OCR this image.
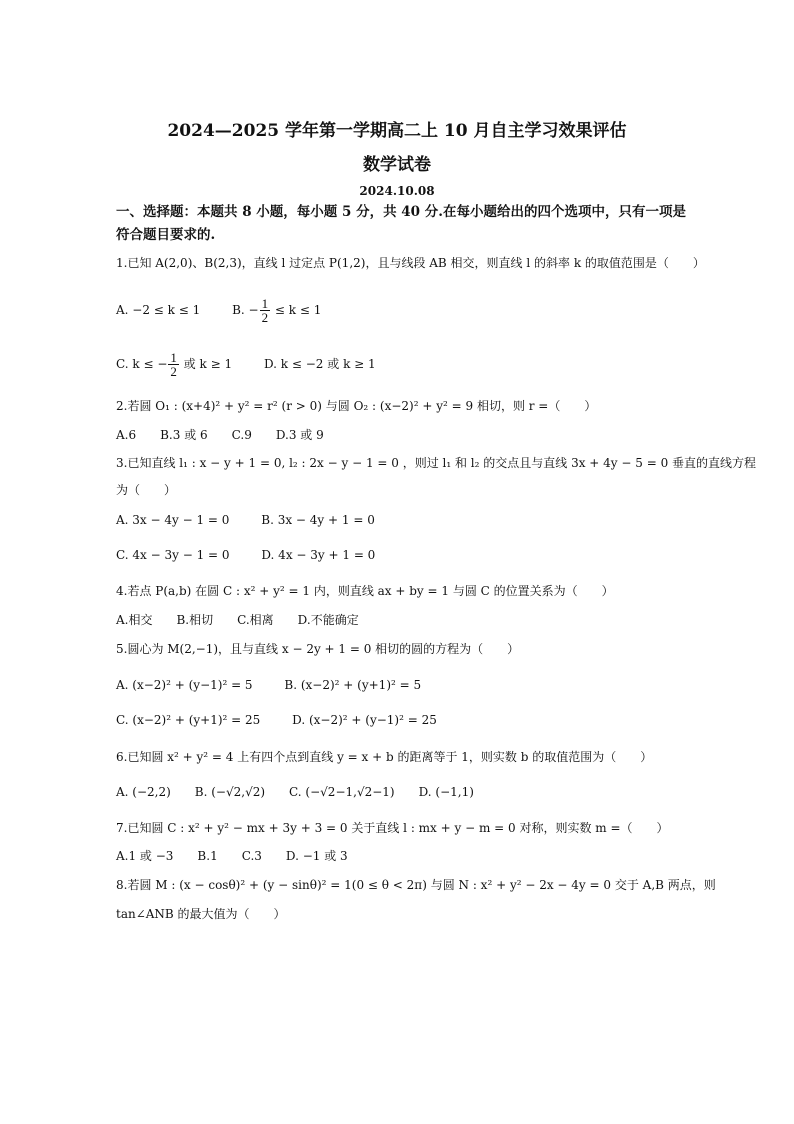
2024—2025 学年第一学期高二上 10 月自主学习效果评估
数学试卷
2024.10.08
一、选择题：本题共 8 小题，每小题 5 分，共 40 分.在每小题给出的四个选项中，只有一项是符合题目要求的.
1.已知 A(2,0)、B(2,3)，直线 l 过定点 P(1,2)，且与线段 AB 相交，则直线 l 的斜率 k 的取值范围是（　　）
A. −2 ≤ k ≤ 1	B. − $\frac{1}{2} \le k \le 1$
C. k ≤ − $\frac{1}{2}$ 或 k ≥ 1	D. k ≤ −2 或 k ≥ 1
2.若圆 O₁ : (x+4)² + y² = r² (r > 0) 与圆 O₂ : (x−2)² + y² = 9 相切，则 r =（　　）
A.6　　B.3 或 6　　C.9　　D.3 或 9
3.已知直线 l₁ : x − y + 1 = 0, l₂ : 2x − y − 1 = 0 ，则过 l₁ 和 l₂ 的交点且与直线 3x + 4y − 5 = 0 垂直的直线方程
为（　　）
A. 3x − 4y − 1 = 0	B. 3x − 4y + 1 = 0
C. 4x − 3y − 1 = 0	D. 4x − 3y + 1 = 0
4.若点 P(a,b) 在圆 C : x² + y² = 1 内，则直线 ax + by = 1 与圆 C 的位置关系为（　　）
A.相交　　B.相切　　C.相离　　D.不能确定
5.圆心为 M(2,−1)，且与直线 x − 2y + 1 = 0 相切的圆的方程为（　　）
A. (x−2)² + (y−1)² = 5	B. (x−2)² + (y+1)² = 5
C. (x−2)² + (y+1)² = 25	D. (x−2)² + (y−1)² = 25
6.已知圆 x² + y² = 4 上有四个点到直线 y = x + b 的距离等于 1，则实数 b 的取值范围为（　　）
A. (−2,2)　　B. (−√2,√2)　　C. (−√2−1,√2−1)　　D. (−1,1)
7.已知圆 C : x² + y² − mx + 3y + 3 = 0 关于直线 l : mx + y − m = 0 对称，则实数 m =（　　）
A.1 或 −3　　B.1　　C.3　　D. −1 或 3
8.若圆 M : (x − cosθ)² + (y − sinθ)² = 1(0 ≤ θ < 2π) 与圆 N : x² + y² − 2x − 4y = 0 交于 A,B 两点，则
tan∠ANB 的最大值为（　　）
